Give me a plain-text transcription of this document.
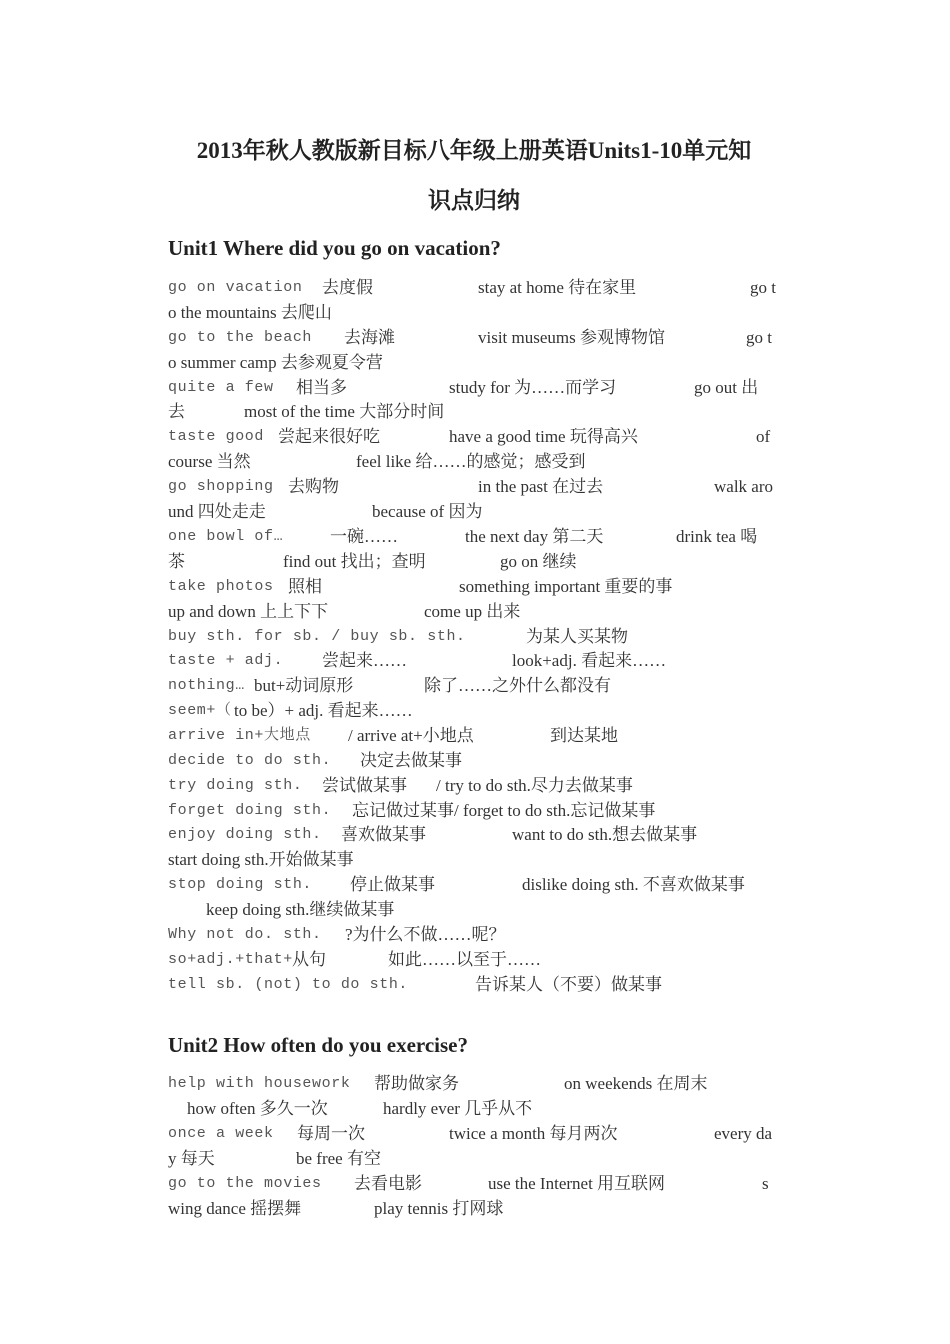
2013年秋人教版新目标八年级上册英语Units1-10单元知
识点归纳
Unit1 Where did you go on vacation?
go on vacation 去度假	stay at home 待在家里	go t
o the mountains 去爬山
go to the beach 去海滩	visit museums 参观博物馆	go t
o summer camp 去参观夏令营
quite a few 相当多	study for 为……而学习	go out 出
去	most of the time 大部分时间
taste good 尝起来很好吃	have a good time 玩得高兴	of
course 当然	feel like 给……的感觉；感受到
go shopping 去购物	in the past 在过去	walk aro
und 四处走走	because of 因为
one bowl of…	一碗……	the next day 第二天	drink tea 喝
茶	find out 找出；查明	go on 继续
take photos 照相	something important 重要的事
up and down 上上下下	come up 出来
buy sth. for sb. / buy sb. sth.	为某人买某物
taste + adj. 尝起来……	look+adj. 看起来……
nothing… but+动词原形	除了……之外什么都没有
seem+（ to be）+ adj. 看起来……
arrive in+大地点 / arrive at+小地点	到达某地
decide to do sth. 决定去做某事
try doing sth. 尝试做某事 / try to do sth.尽力去做某事
forget doing sth. 忘记做过某事/ forget to do sth.忘记做某事
enjoy doing sth. 喜欢做某事	want to do sth.想去做某事
start doing sth.开始做某事
stop doing sth. 停止做某事	dislike doing sth. 不喜欢做某事
keep doing sth.继续做某事
Why not do. sth. ?为什么不做……呢？
so+adj.+that+ 从句	如此……以至于……
tell sb. (not) to do sth.	告诉某人（不要）做某事
Unit2 How often do you exercise?
help with housework 帮助做家务	on weekends 在周末
how often 多久一次	hardly ever 几乎从不
once a week 每周一次	twice a month 每月两次	every da
y 每天	be free 有空
go to the movies 去看电影	use the Internet 用互联网	s
wing dance 摇摆舞	play tennis 打网球
